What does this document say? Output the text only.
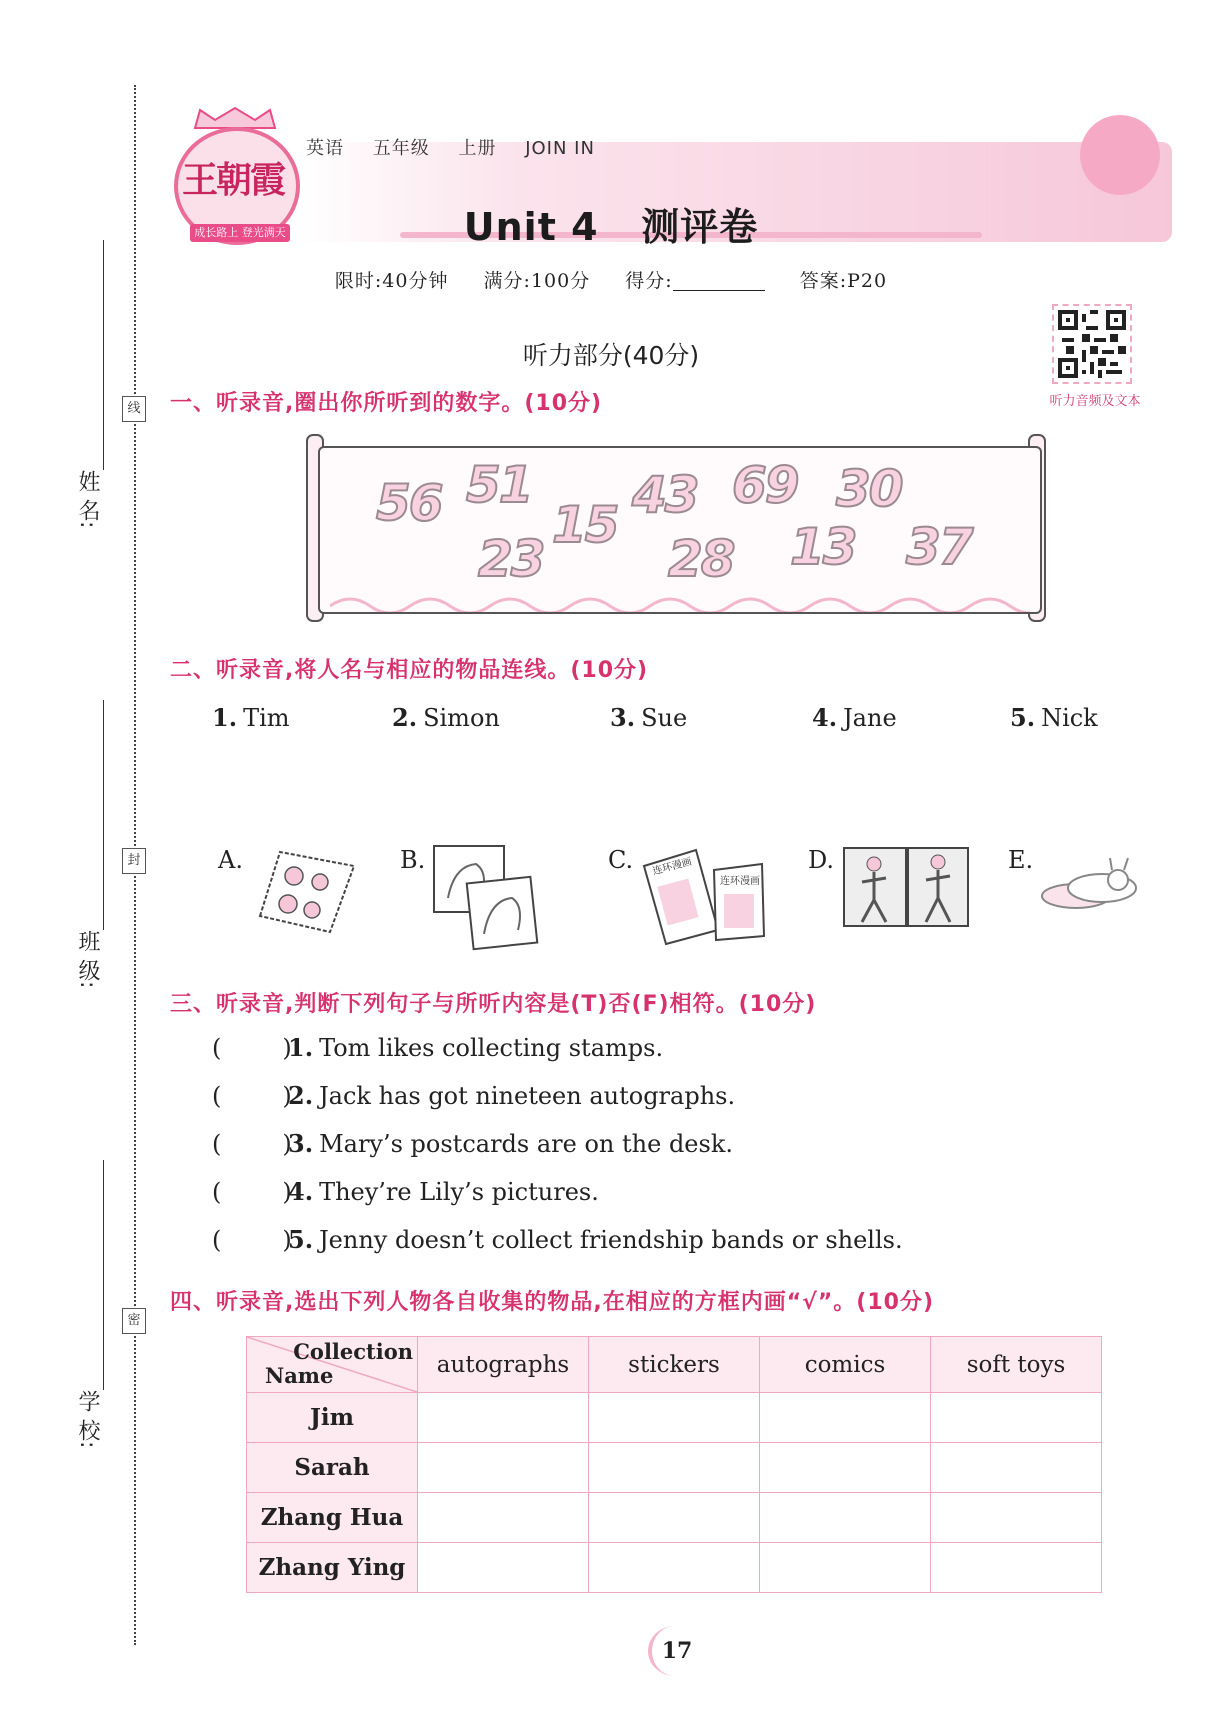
线
封
密
姓 名:
班 级:
学 校:
王朝霞
成长路上 登光满天
英语 五年级 上册 JOIN IN
Unit 4   测评卷
限时:40分钟 满分:100分 得分:	答案:P20
听力音频及文本
听力部分(40分)
一、听录音,圈出你所听到的数字。(10分)
56 51
23
15
43
28
69
13
30
37
二、听录音,将人名与相应的物品连线。(10分)
1. Tim	2. Simon	3. Sue	4. Jane	5. Nick
A.	B.	C. 连环漫画
连环漫画
D.	E.
三、听录音,判断下列句子与所听内容是(T)否(F)相符。(10分)
(        )1. Tom likes collecting stamps.
(        )2. Jack has got nineteen autographs.
(        )3. Mary’s postcards are on the desk.
(        )4. They’re Lily’s pictures.
(        )5. Jenny doesn’t collect friendship bands or shells.
四、听录音,选出下列人物各自收集的物品,在相应的方框内画“√”。(10分)
Collection
Name	autographs	stickers	comics	soft toys
Jim				
Sarah				
Zhang Hua				
Zhang Ying				
17
